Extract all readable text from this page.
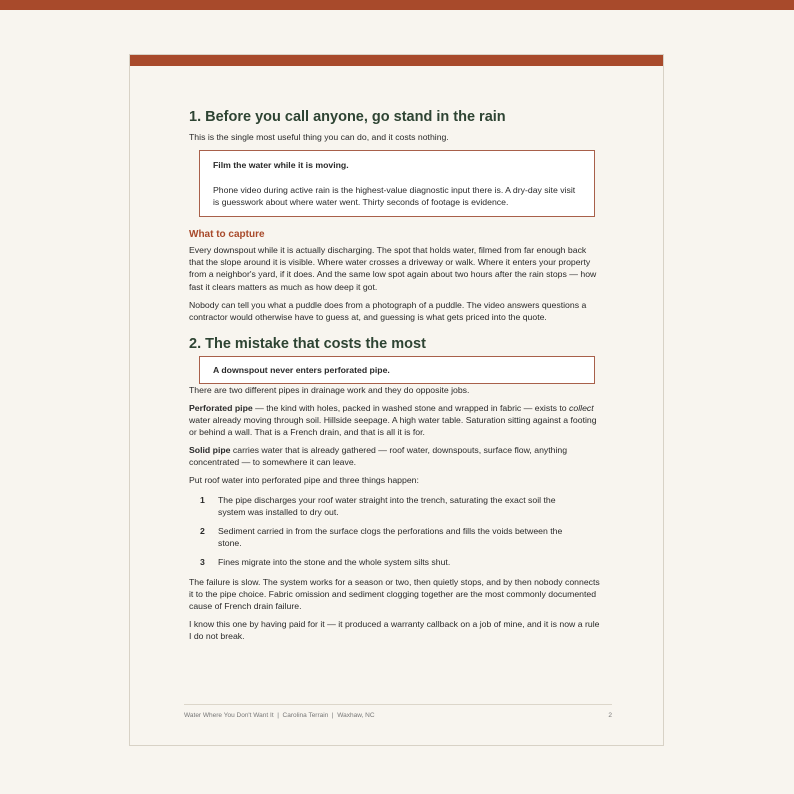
1. Before you call anyone, go stand in the rain

This is the single most useful thing you can do, and it costs nothing.

Film the water while it is moving.

Phone video during active rain is the highest-value diagnostic input there is. A dry-day site visit is guesswork about where water went. Thirty seconds of footage is evidence.

What to capture

Every downspout while it is actually discharging. The spot that holds water, filmed from far enough back that the slope around it is visible. Where water crosses a driveway or walk. Where it enters your property from a neighbor's yard, if it does. And the same low spot again about two hours after the rain stops — how fast it clears matters as much as how deep it got.

Nobody can tell you what a puddle does from a photograph of a puddle. The video answers questions a contractor would otherwise have to guess at, and guessing is what gets priced into the quote.

2. The mistake that costs the most
A downspout never enters perforated pipe.

There are two different pipes in drainage work and they do opposite jobs.

Perforated pipe — the kind with holes, packed in washed stone and wrapped in fabric — exists to collect water already moving through soil. Hillside seepage. A high water table. Saturation sitting against a footing or behind a wall. That is a French drain, and that is all it is for.

Solid pipe carries water that is already gathered — roof water, downspouts, surface flow, anything concentrated — to somewhere it can leave.

Put roof water into perforated pipe and three things happen:

1	The pipe discharges your roof water straight into the trench, saturating the exact soil the system was installed to dry out.
2	Sediment carried in from the surface clogs the perforations and fills the voids between the stone.
3	Fines migrate into the stone and the whole system silts shut.

The failure is slow. The system works for a season or two, then quietly stops, and by then nobody connects it to the pipe choice. Fabric omission and sediment clogging together are the most commonly documented cause of French drain failure.

I know this one by having paid for it — it produced a warranty callback on a job of mine, and it is now a rule I do not break.

Water Where You Don't Want It  |  Carolina Terrain  |  Waxhaw, NC	2
